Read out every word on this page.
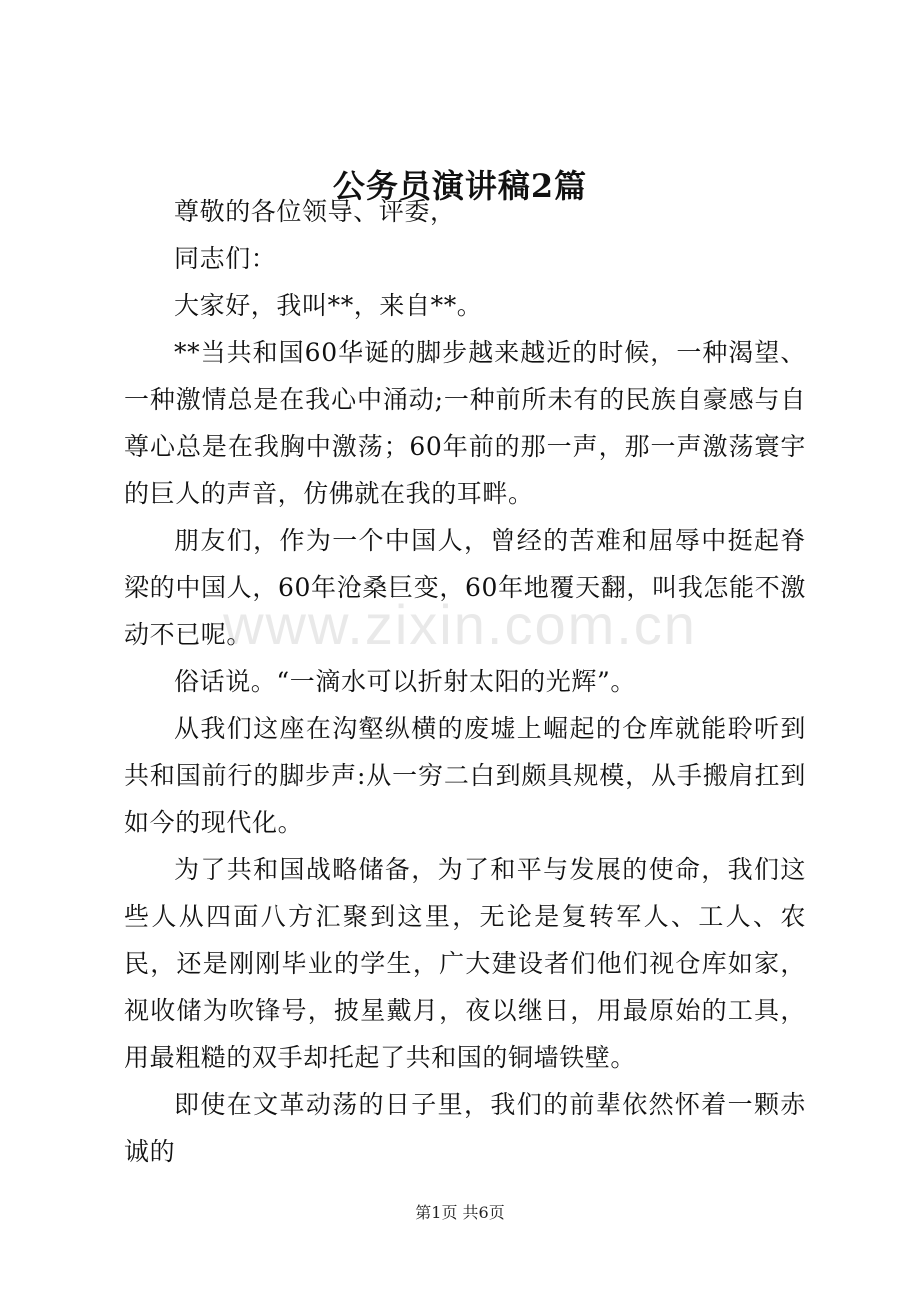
公务员演讲稿2篇

尊敬的各位领导、评委，

同志们：

大家好，我叫**，来自**。

**当共和国60华诞的脚步越来越近的时候，一种渴望、一种激情总是在我心中涌动;一种前所未有的民族自豪感与自尊心总是在我胸中激荡；60年前的那一声，那一声激荡寰宇的巨人的声音，仿佛就在我的耳畔。

朋友们，作为一个中国人，曾经的苦难和屈辱中挺起脊梁的中国人，60年沧桑巨变，60年地覆天翻，叫我怎能不激动不已呢。

俗话说。“一滴水可以折射太阳的光辉”。

从我们这座在沟壑纵横的废墟上崛起的仓库就能聆听到共和国前行的脚步声:从一穷二白到颇具规模，从手搬肩扛到如今的现代化。

为了共和国战略储备，为了和平与发展的使命，我们这些人从四面八方汇聚到这里，无论是复转军人、工人、农民，还是刚刚毕业的学生，广大建设者们他们视仓库如家，视收储为吹锋号，披星戴月，夜以继日，用最原始的工具，用最粗糙的双手却托起了共和国的铜墙铁壁。

即使在文革动荡的日子里，我们的前辈依然怀着一颗赤诚的

www.zixin.com.cn
第1页 共6页
